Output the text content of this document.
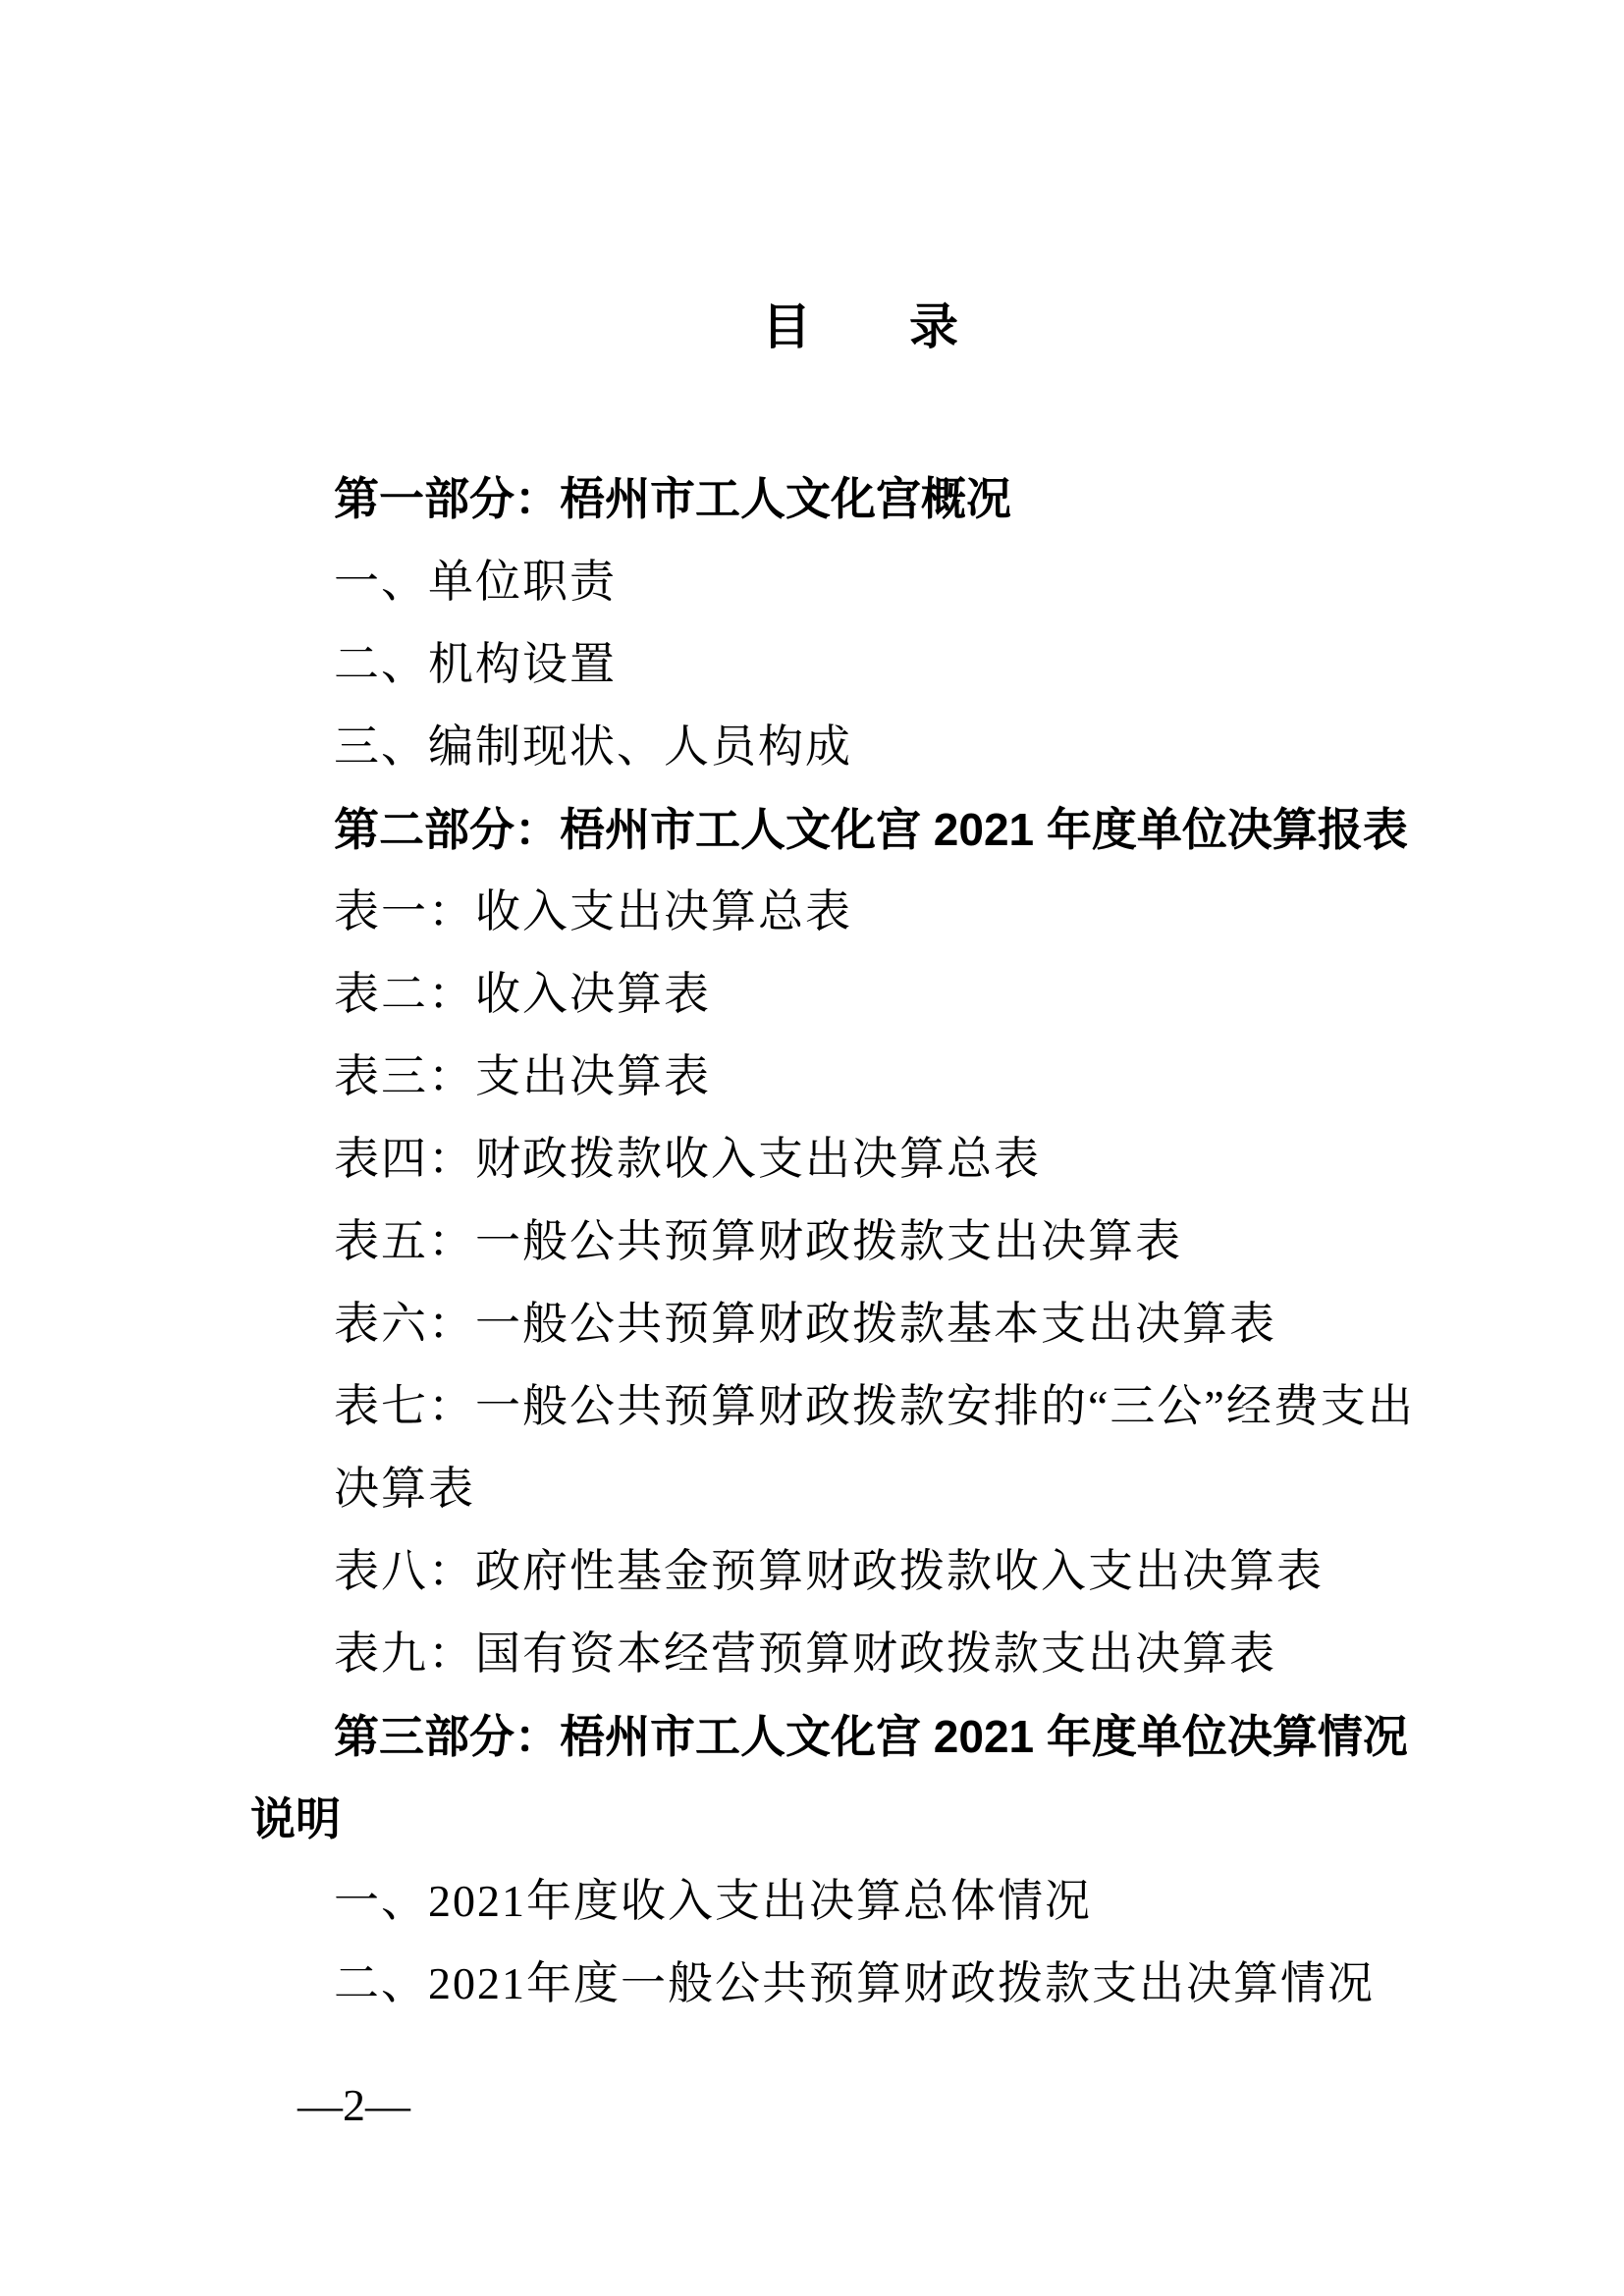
目　　录
第一部分：梧州市工人文化宫概况
一、单位职责
二、机构设置
三、编制现状、人员构成
第二部分：梧州市工人文化宫 2021 年度单位决算报表
表一：收入支出决算总表
表二：收入决算表
表三：支出决算表
表四：财政拨款收入支出决算总表
表五：一般公共预算财政拨款支出决算表
表六：一般公共预算财政拨款基本支出决算表
表七：一般公共预算财政拨款安排的“三公”经费支出
决算表
表八：政府性基金预算财政拨款收入支出决算表
表九：国有资本经营预算财政拨款支出决算表
第三部分：梧州市工人文化宫 2021 年度单位决算情况
说明
一、2021年度收入支出决算总体情况
二、2021年度一般公共预算财政拨款支出决算情况
—2—
